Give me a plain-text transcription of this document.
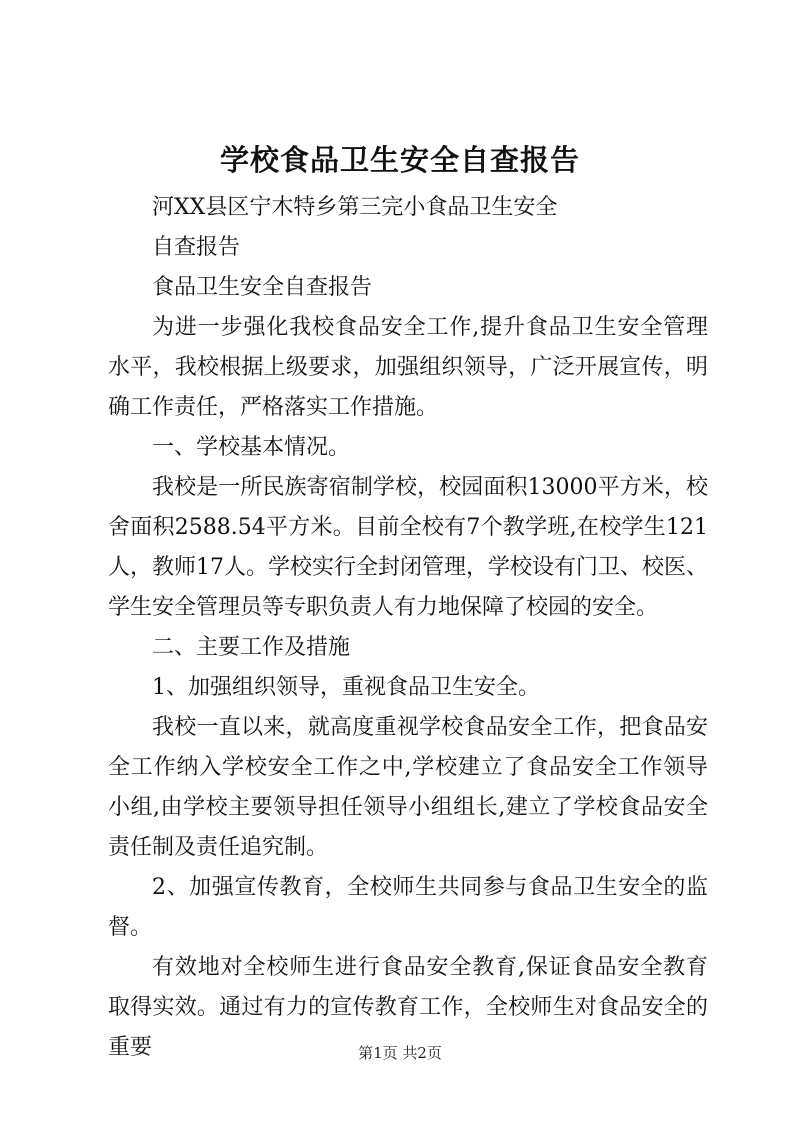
学校食品卫生安全自查报告

河XX县区宁木特乡第三完小食品卫生安全

自查报告

食品卫生安全自查报告

为进一步强化我校食品安全工作,提升食品卫生安全管理水平，我校根据上级要求，加强组织领导，广泛开展宣传，明确工作责任，严格落实工作措施。

一、学校基本情况。

我校是一所民族寄宿制学校，校园面积13000平方米，校舍面积2588.54平方米。目前全校有7个教学班,在校学生121人，教师17人。学校实行全封闭管理，学校设有门卫、校医、学生安全管理员等专职负责人有力地保障了校园的安全。

二、主要工作及措施

1、加强组织领导，重视食品卫生安全。

我校一直以来，就高度重视学校食品安全工作，把食品安全工作纳入学校安全工作之中,学校建立了食品安全工作领导小组,由学校主要领导担任领导小组组长,建立了学校食品安全责任制及责任追究制。

2、加强宣传教育，全校师生共同参与食品卫生安全的监督。

有效地对全校师生进行食品安全教育,保证食品安全教育取得实效。通过有力的宣传教育工作，全校师生对食品安全的重要	第1页 共2页
